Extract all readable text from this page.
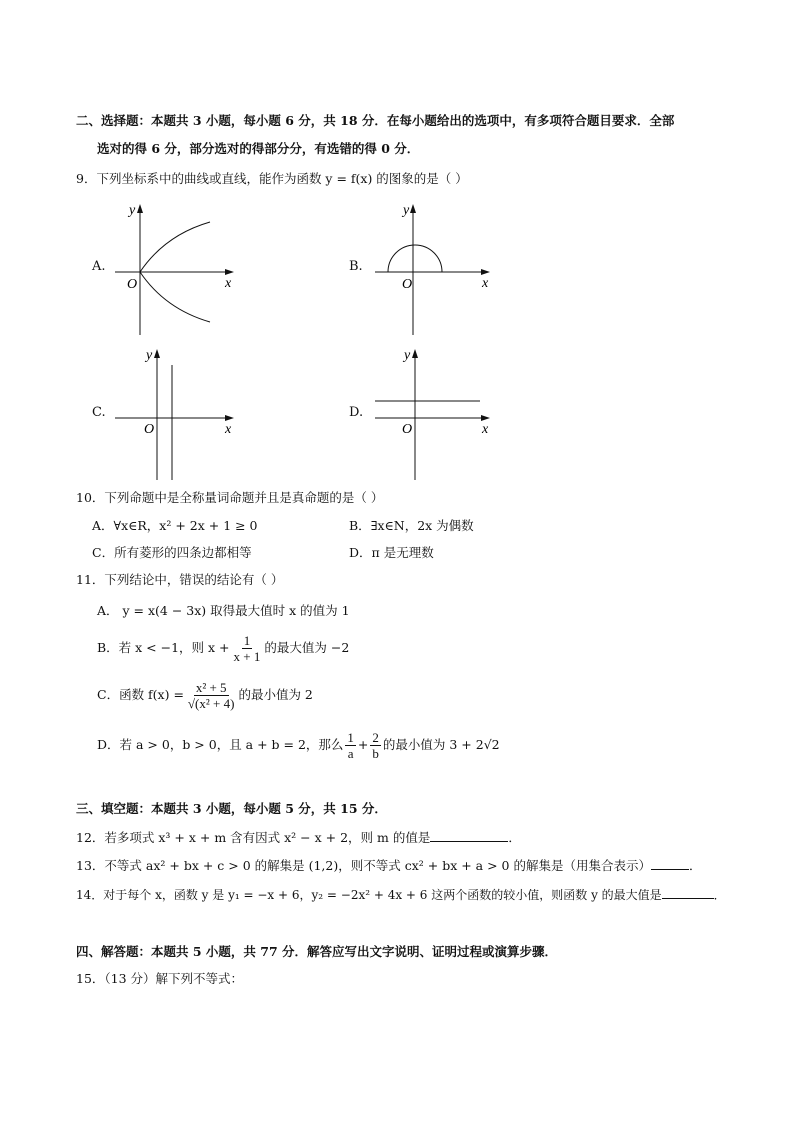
二、选择题：本题共 3 小题，每小题 6 分，共 18 分．在每小题给出的选项中，有多项符合题目要求．全部
选对的得 6 分，部分选对的得部分分，有选错的得 0 分．
9．下列坐标系中的曲线或直线，能作为函数 y = f(x) 的图象的是（ ）
A.
y
x
O
B.
y
x
O
C.
y
x
O
D.
y
x
O
10．下列命题中是全称量词命题并且是真命题的是（ ）
A．∀x∈R，x² + 2x + 1 ≥ 0	B．∃x∈N，2x 为偶数
C．所有菱形的四条边都相等	D．π 是无理数
11．下列结论中，错误的结论有（ ）
A． y = x(4 − 3x) 取得最大值时 x 的值为 1
B．若 x < −1，则 $x + \frac{1}{x + 1}$ 的最大值为 −2
C．函数 $f(x) = \frac{\text{x² + 5}}{\text{√(x² + 4)}}$ 的最小值为 2
D．若 a > 0，b > 0，且 a + b = 2，那么 $\frac{1}{a} + \frac{2}{b}$ 的最小值为 3 + 2√2
三、填空题：本题共 3 小题，每小题 5 分，共 15 分．
12．若多项式 x³ + x + m 含有因式 x² − x + 2，则 m 的值是	．
13．不等式 ax² + bx + c > 0 的解集是 (1,2)，则不等式 cx² + bx + a > 0 的解集是（用集合表示）	．
14．对于每个 x，函数 y 是 y₁ = −x + 6，y₂ = −2x² + 4x + 6 这两个函数的较小值，则函数 y 的最大值是	．
四、解答题：本题共 5 小题，共 77 分．解答应写出文字说明、证明过程或演算步骤．
15．（13 分）解下列不等式：
